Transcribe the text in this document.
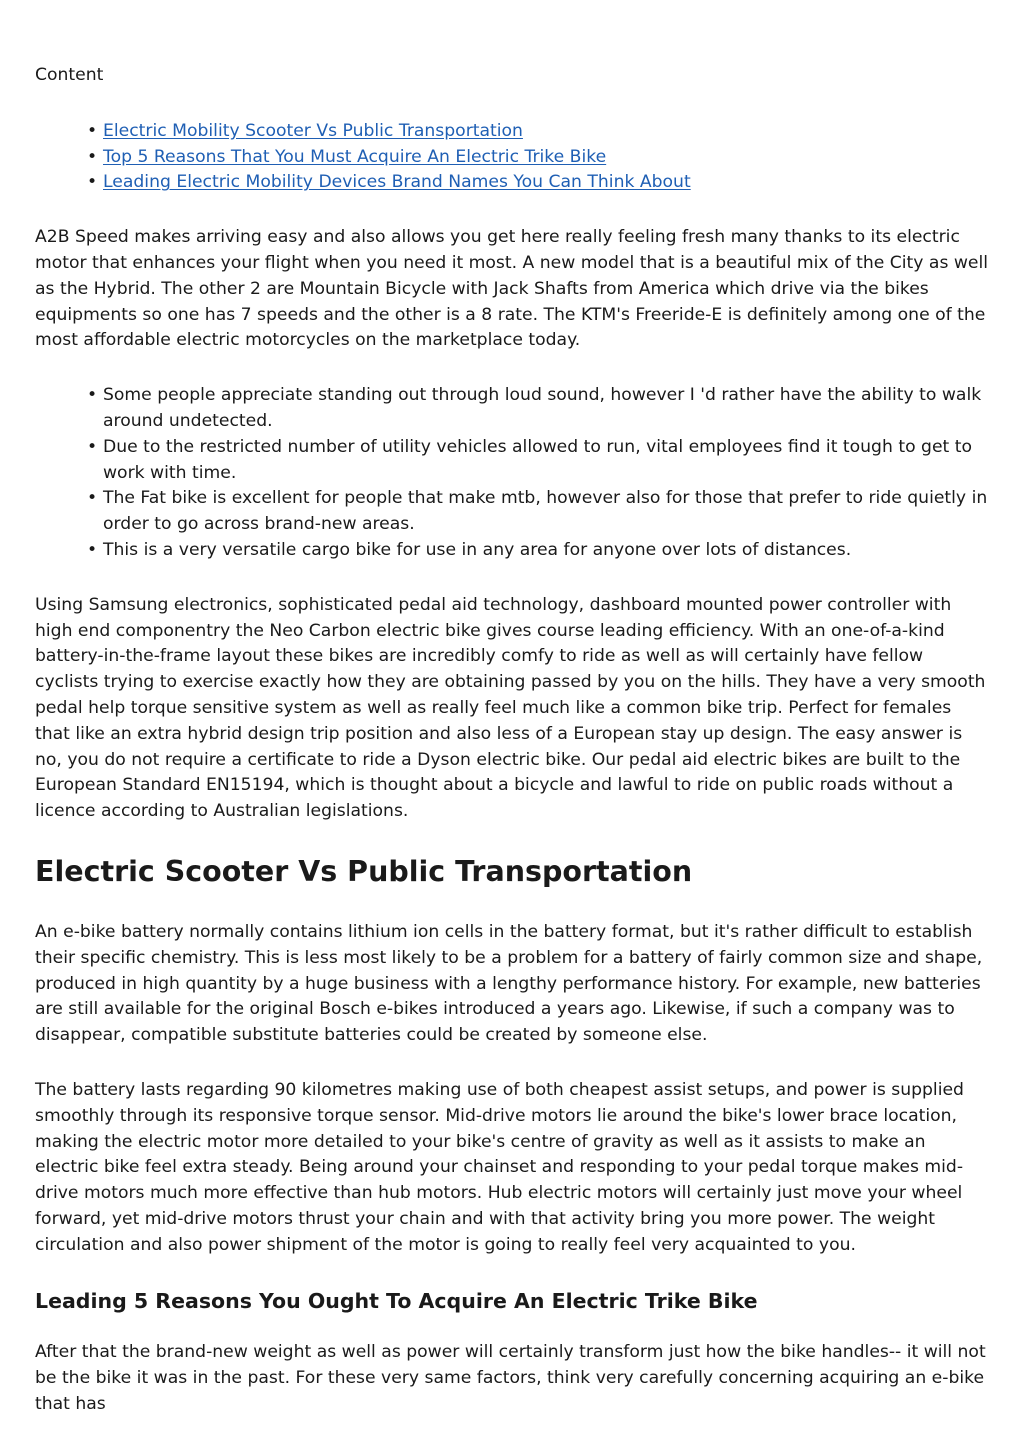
Content

• Electric Mobility Scooter Vs Public Transportation
• Top 5 Reasons That You Must Acquire An Electric Trike Bike
• Leading Electric Mobility Devices Brand Names You Can Think About

A2B Speed makes arriving easy and also allows you get here really feeling fresh many thanks to its electric motor that enhances your flight when you need it most. A new model that is a beautiful mix of the City as well as the Hybrid. The other 2 are Mountain Bicycle with Jack Shafts from America which drive via the bikes equipments so one has 7 speeds and the other is a 8 rate. The KTM's Freeride-E is definitely among one of the most affordable electric motorcycles on the marketplace today.

• Some people appreciate standing out through loud sound, however I 'd rather have the ability to walk around undetected.
• Due to the restricted number of utility vehicles allowed to run, vital employees find it tough to get to work with time.
• The Fat bike is excellent for people that make mtb, however also for those that prefer to ride quietly in order to go across brand-new areas.
• This is a very versatile cargo bike for use in any area for anyone over lots of distances.

Using Samsung electronics, sophisticated pedal aid technology, dashboard mounted power controller with high end componentry the Neo Carbon electric bike gives course leading efficiency. With an one-of-a-kind battery-in-the-frame layout these bikes are incredibly comfy to ride as well as will certainly have fellow cyclists trying to exercise exactly how they are obtaining passed by you on the hills. They have a very smooth pedal help torque sensitive system as well as really feel much like a common bike trip. Perfect for females that like an extra hybrid design trip position and also less of a European stay up design. The easy answer is no, you do not require a certificate to ride a Dyson electric bike. Our pedal aid electric bikes are built to the European Standard EN15194, which is thought about a bicycle and lawful to ride on public roads without a licence according to Australian legislations.

Electric Scooter Vs Public Transportation

An e-bike battery normally contains lithium ion cells in the battery format, but it's rather difficult to establish their specific chemistry. This is less most likely to be a problem for a battery of fairly common size and shape, produced in high quantity by a huge business with a lengthy performance history. For example, new batteries are still available for the original Bosch e-bikes introduced a years ago. Likewise, if such a company was to disappear, compatible substitute batteries could be created by someone else.

The battery lasts regarding 90 kilometres making use of both cheapest assist setups, and power is supplied smoothly through its responsive torque sensor. Mid-drive motors lie around the bike's lower brace location, making the electric motor more detailed to your bike's centre of gravity as well as it assists to make an electric bike feel extra steady. Being around your chainset and responding to your pedal torque makes mid-drive motors much more effective than hub motors. Hub electric motors will certainly just move your wheel forward, yet mid-drive motors thrust your chain and with that activity bring you more power. The weight circulation and also power shipment of the motor is going to really feel very acquainted to you.

Leading 5 Reasons You Ought To Acquire An Electric Trike Bike

After that the brand-new weight as well as power will certainly transform just how the bike handles-- it will not be the bike it was in the past. For these very same factors, think very carefully concerning acquiring an e-bike that has
